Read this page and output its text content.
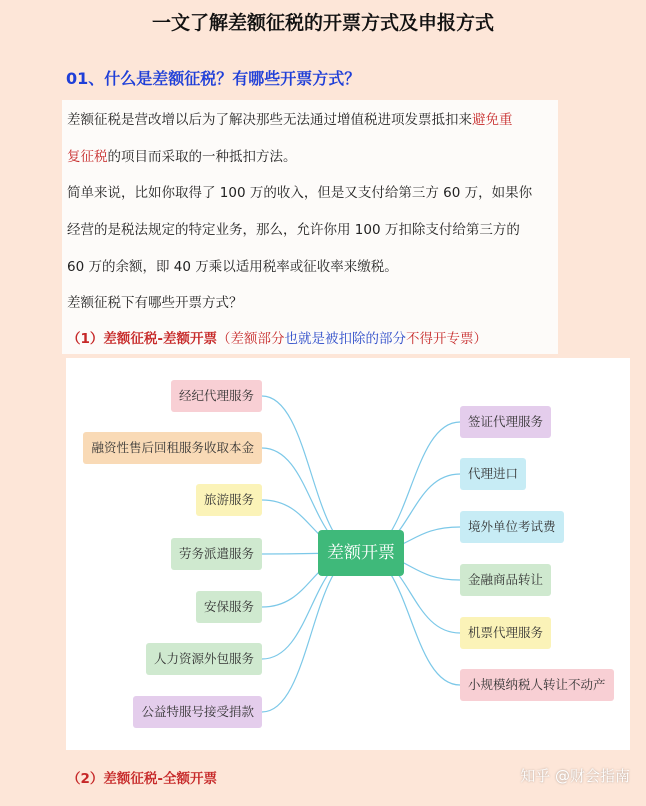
一文了解差额征税的开票方式及申报方式
01、什么是差额征税？有哪些开票方式？
差额征税是营改增以后为了解决那些无法通过增值税进项发票抵扣来避免重
复征税的项目而采取的一种抵扣方法。
简单来说，比如你取得了 100 万的收入，但是又支付给第三方 60 万，如果你
经营的是税法规定的特定业务，那么，允许你用 100 万扣除支付给第三方的
60 万的余额，即 40 万乘以适用税率或征收率来缴税。
差额征税下有哪些开票方式？
（1）差额征税-差额开票（差额部分也就是被扣除的部分不得开专票）
差额开票
经纪代理服务
融资性售后回租服务收取本金
旅游服务
劳务派遣服务
安保服务
人力资源外包服务
公益特服号接受捐款
签证代理服务
代理进口
境外单位考试费
金融商品转让
机票代理服务
小规模纳税人转让不动产
（2）差额征税-全额开票	知乎 @财会指南
